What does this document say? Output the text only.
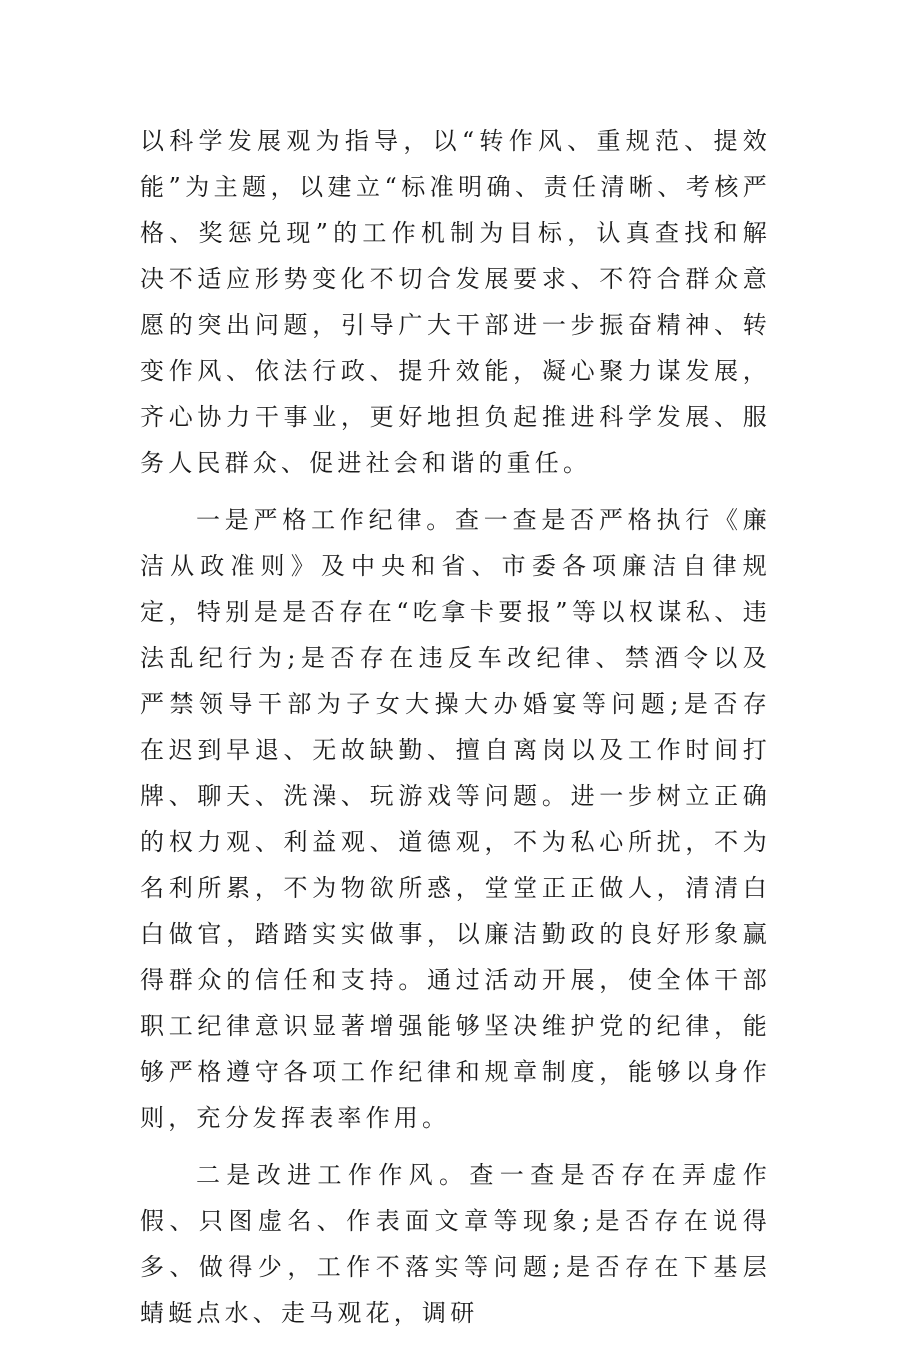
以科学发展观为指导，以“转作风、重规范、提效能”为主题，以建立“标准明确、责任清晰、考核严格、奖惩兑现”的工作机制为目标，认真查找和解决不适应形势变化不切合发展要求、不符合群众意愿的突出问题，引导广大干部进一步振奋精神、转变作风、依法行政、提升效能，凝心聚力谋发展，齐心协力干事业，更好地担负起推进科学发展、服务人民群众、促进社会和谐的重任。

一是严格工作纪律。查一查是否严格执行《廉洁从政准则》及中央和省、市委各项廉洁自律规定，特别是是否存在“吃拿卡要报”等以权谋私、违法乱纪行为;是否存在违反车改纪律、禁酒令以及严禁领导干部为子女大操大办婚宴等问题;是否存在迟到早退、无故缺勤、擅自离岗以及工作时间打牌、聊天、洗澡、玩游戏等问题。进一步树立正确的权力观、利益观、道德观，不为私心所扰，不为名利所累，不为物欲所惑，堂堂正正做人，清清白白做官，踏踏实实做事，以廉洁勤政的良好形象赢得群众的信任和支持。通过活动开展，使全体干部职工纪律意识显著增强能够坚决维护党的纪律，能够严格遵守各项工作纪律和规章制度，能够以身作则，充分发挥表率作用。

二是改进工作作风。查一查是否存在弄虚作假、只图虚名、作表面文章等现象;是否存在说得多、做得少，工作不落实等问题;是否存在下基层蜻蜓点水、走马观花，调研
